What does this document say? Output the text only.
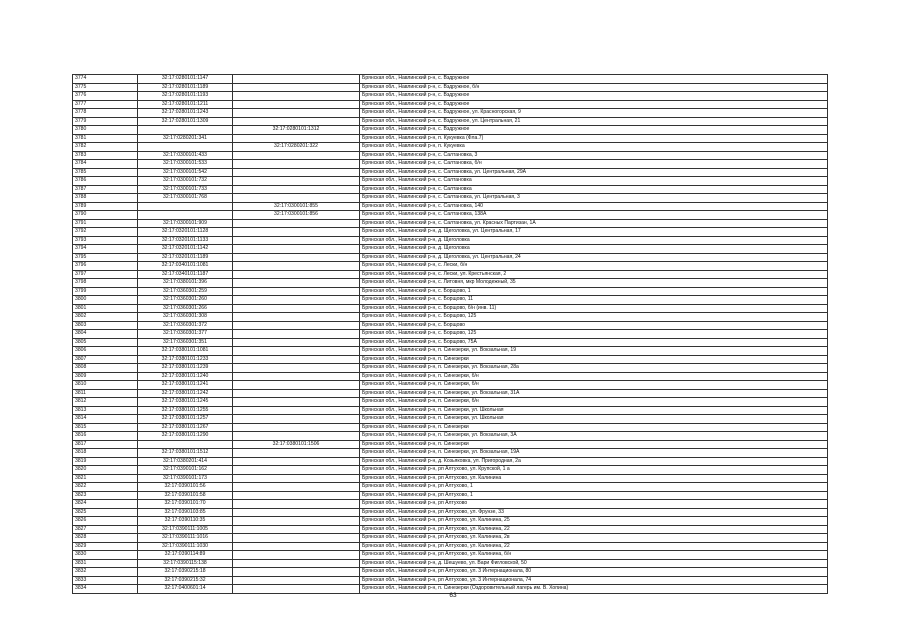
3774	32:17:0280101:1147		Брянская обл., Навлинский р-н, с. Вздружное
3775	32:17:0280101:1189		Брянская обл., Навлинский р-н, с. Вздружное, б/н
3776	32:17:0280101:1193		Брянская обл., Навлинский р-н, с. Вздружное
3777	32:17:0280101:1211		Брянская обл., Навлинский р-н, с. Вздружное
3778	32:17:0280101:1243		Брянская обл., Навлинский р-н, с. Вздружное, ул. Красногорская, 9
3779	32:17:0280101:1309		Брянская обл., Навлинский р-н, с. Вздружное, ул. Центральная, 21
3780		32:17:0280101:1312	Брянская обл., Навлинский р-н, с. Вздружное
3781	32:17:0280201:341		Брянская обл., Навлинский р-н, п. Кукуевка (Фла.7)
3782		32:17:0280201:322	Брянская обл., Навлинский р-н, п. Кукуевка
3783	32:17:0300101:433		Брянская обл., Навлинский р-н, с. Салтановка, 3
3784	32:17:0300101:533		Брянская обл., Навлинский р-н, с. Салтановка, б/н
3785	32:17:0300101:542		Брянская обл., Навлинский р-н, с. Салтановка, ул. Центральная, 29А
3786	32:17:0300101:732		Брянская обл., Навлинский р-н, с. Салтановка
3787	32:17:0300101:733		Брянская обл., Навлинский р-н, с. Салтановка
3788	32:17:0300101:768		Брянская обл., Навлинский р-н, с. Салтановка, ул. Центральная, 3
3789		32:17:0300101:855	Брянская обл., Навлинский р-н, с. Салтановка, 140
3790		32:17:0300101:856	Брянская обл., Навлинский р-н, с. Салтановка, 138А
3791	32:17:0300101:909		Брянская обл., Навлинский р-н, с. Салтановка, ул. Красных Партизан, 1А
3792	32:17:0320101:1128		Брянская обл., Навлинский р-н, д. Щеголовка, ул. Центральная, 17
3793	32:17:0320101:1133		Брянская обл., Навлинский р-н, д. Щеголовка
3794	32:17:0320101:1142		Брянская обл., Навлинский р-н, д. Щеголовка
3795	32:17:0320101:1189		Брянская обл., Навлинский р-н, д. Щеголовка, ул. Центральная, 24
3796	32:17:0340101:1081		Брянская обл., Навлинский р-н, с. Лески, б/н
3797	32:17:0340101:1187		Брянская обл., Навлинский р-н, с. Лески, ул. Крестьянская, 2
3798	32:17:0380101:396		Брянская обл., Навлинский р-н, с. Литовня, мкр Молодежный, 35
3799	32:17:0360301:259		Брянская обл., Навлинский р-н, с. Борщово, 1
3800	32:17:0360301:260		Брянская обл., Навлинский р-н, с. Борщово, 11
3801	32:17:0360301:266		Брянская обл., Навлинский р-н, с. Борщово, б/н (инв. 11)
3802	32:17:0360301:308		Брянская обл., Навлинский р-н, с. Борщово, 125
3803	32:17:0360301:372		Брянская обл., Навлинский р-н, с. Борщово
3804	32:17:0360301:377		Брянская обл., Навлинский р-н, с. Борщово, 125
3805	32:17:0360301:351		Брянская обл., Навлинский р-н, с. Борщово, 75А
3806	32:17:0380101:1081		Брянская обл., Навлинский р-н, п. Синезерки, ул. Вокзальная, 19
3807	32:17:0380101:1233		Брянская обл., Навлинский р-н, п. Синезерки
3808	32:17:0380101:1239		Брянская обл., Навлинский р-н, п. Синезерки, ул. Вокзальная, 28а
3809	32:17:0380101:1240		Брянская обл., Навлинский р-н, п. Синезерки, б/н
3810	32:17:0380101:1241		Брянская обл., Навлинский р-н, п. Синезерки, б/н
3811	32:17:0380101:1242		Брянская обл., Навлинский р-н, п. Синезерки, ул. Вокзальная, 31А
3812	32:17:0380101:1245		Брянская обл., Навлинский р-н, п. Синезерки, б/н
3813	32:17:0380101:1255		Брянская обл., Навлинский р-н, п. Синезерки, ул. Школьная
3814	32:17:0380101:1257		Брянская обл., Навлинский р-н, п. Синезерки, ул. Школьная
3815	32:17:0380101:1267		Брянская обл., Навлинский р-н, п. Синезерки
3816	32:17:0380101:1290		Брянская обл., Навлинский р-н, п. Синезерки, ул. Вокзальная, 3А
3817		32:17:0380101:1506	Брянская обл., Навлинский р-н, п. Синезерки
3818	32:17:0380101:1512		Брянская обл., Навлинский р-н, п. Синезерки, ул. Вокзальная, 19А
3819	32:17:0380201:414		Брянская обл., Навлинский р-н, д. Козьяковка, ул. Пригородная, 2а
3820	32:17:0390101:162		Брянская обл., Навлинский р-н, рп Алтухово, ул. Крупской, 1 а
3821	32:17:0390101:173		Брянская обл., Навлинский р-н, рп Алтухово, ул. Калинина
3822	32:17:0390101:56		Брянская обл., Навлинский р-н, рп Алтухово, 1
3823	32:17:0390101:58		Брянская обл., Навлинский р-н, рп Алтухово, 1
3824	32:17:0390101:70		Брянская обл., Навлинский р-н, рп Алтухово
3825	32:17:0390103:85		Брянская обл., Навлинский р-н, рп Алтухово, ул. Фрунзе, 33
3826	32:17:0390110:35		Брянская обл., Навлинский р-н, рп Алтухово, ул. Калинина, 25
3827	32:17:0390111:1005		Брянская обл., Навлинский р-н, рп Алтухово, ул. Калинина, 22
3828	32:17:0390111:1016		Брянская обл., Навлинский р-н, рп Алтухово, ул. Калинина, 2в
3829	32:17:0390111:1030		Брянская обл., Навлинский р-н, рп Алтухово, ул. Калинина, 22
3830	32:17:0390114:89		Брянская обл., Навлинский р-н, рп Алтухово, ул. Калинина, б/н
3831	32:17:0390115:138		Брянская обл., Навлинский р-н, д. Шешуево, ул. Вари Фигловской, 50
3832	32:17:0390215:18		Брянская обл., Навлинский р-н, рп Алтухово, ул. 3 Интернационала, 80
3833	32:17:0390215:32		Брянская обл., Навлинский р-н, рп Алтухово, ул. 3 Интернационала, 74
3834	32:17:0400601:14		Брянская обл., Навлинский р-н, п. Синезерки (Оздоровительный лагерь им. В. Хопина)
63
